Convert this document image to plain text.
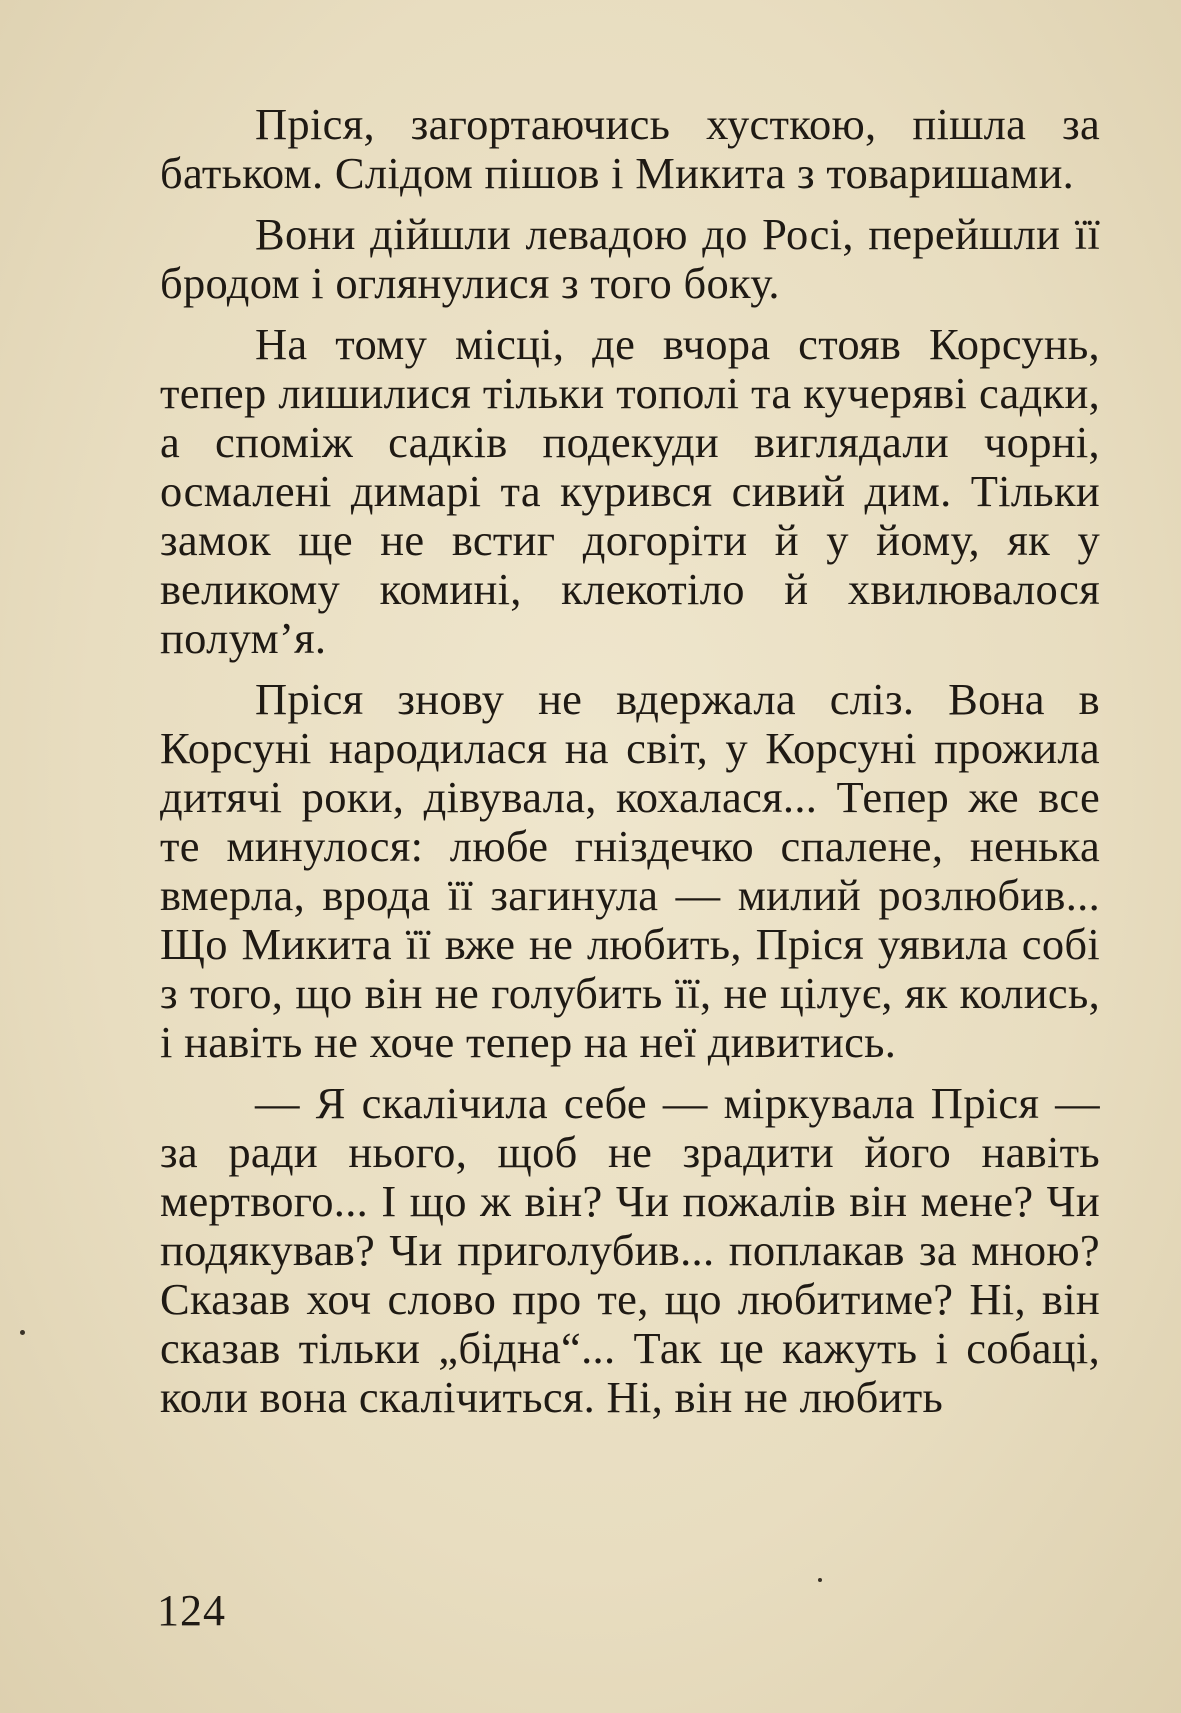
Пріся, загортаючись хусткою, пішла за батьком. Слідом пішов і Микита з товаришами.

Вони дійшли левадою до Росі, перейшли її бродом і оглянулися з того боку.

На тому місці, де вчора стояв Корсунь, тепер лишилися тільки тополі та кучеряві садки, а споміж садків подекуди виглядали чорні, осмалені димарі та курився сивий дим. Тільки замок ще не встиг догоріти й у йому, як у великому комині, клекотіло й хвилювалося полум’я.

Пріся знову не вдержала сліз. Вона в Корсуні народилася на світ, у Корсуні прожила дитячі роки, дівувала, кохалася... Тепер же все те минулося: любе гніздечко спалене, ненька вмерла, врода її загинула — милий розлюбив... Що Микита її вже не любить, Пріся уявила собі з того, що він не голубить її, не цілує, як колись, і навіть не хоче тепер на неї дивитись.

— Я скалічила себе — міркувала Пріся — за ради нього, щоб не зрадити його навіть мертвого... І що ж він? Чи пожалів він мене? Чи подякував? Чи приголубив... поплакав за мною? Сказав хоч слово про те, що любитиме? Ні, він сказав тільки „бідна“... Так це кажуть і собаці, коли вона скалічиться. Ні, він не любить

124
